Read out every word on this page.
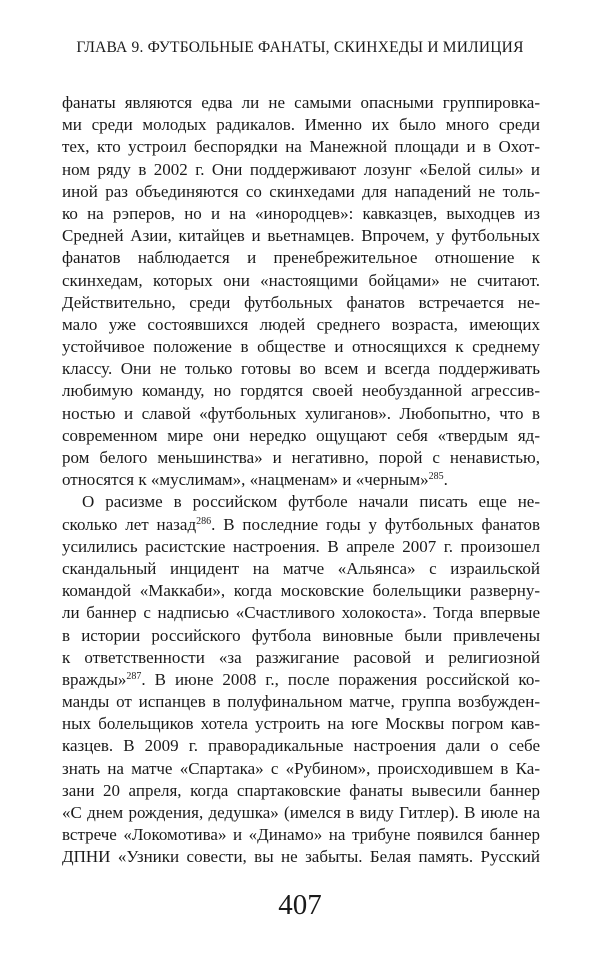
ГЛАВА 9. ФУТБОЛЬНЫЕ ФАНАТЫ, СКИНХЕДЫ И МИЛИЦИЯ
фанаты являются едва ли не самыми опасными группировка-
ми среди молодых радикалов. Именно их было много среди
тех, кто устроил беспорядки на Манежной площади и в Охот-
ном ряду в 2002 г. Они поддерживают лозунг «Белой силы» и
иной раз объединяются со скинхедами для нападений не толь-
ко на рэперов, но и на «инородцев»: кавказцев, выходцев из
Средней Азии, китайцев и вьетнамцев. Впрочем, у футбольных
фанатов наблюдается и пренебрежительное отношение к
скинхедам, которых они «настоящими бойцами» не считают.
Действительно, среди футбольных фанатов встречается не-
мало уже состоявшихся людей среднего возраста, имеющих
устойчивое положение в обществе и относящихся к среднему
классу. Они не только готовы во всем и всегда поддерживать
любимую команду, но гордятся своей необузданной агрессив-
ностью и славой «футбольных хулиганов». Любопытно, что в
современном мире они нередко ощущают себя «твердым яд-
ром белого меньшинства» и негативно, порой с ненавистью,
относятся к «муслимам», «нацменам» и «черным»$^{285}$.
О расизме в российском футболе начали писать еще не-
сколько лет назад$^{286}$. В последние годы у футбольных фанатов
усилились расистские настроения. В апреле 2007 г. произошел
скандальный инцидент на матче «Альянса» с израильской
командой «Маккаби», когда московские болельщики разверну-
ли баннер с надписью «Счастливого холокоста». Тогда впервые
в истории российского футбола виновные были привлечены
к ответственности «за разжигание расовой и религиозной
вражды»$^{287}$. В июне 2008 г., после поражения российской ко-
манды от испанцев в полуфинальном матче, группа возбужден-
ных болельщиков хотела устроить на юге Москвы погром кав-
казцев. В 2009 г. праворадикальные настроения дали о себе
знать на матче «Спартака» с «Рубином», происходившем в Ка-
зани 20 апреля, когда спартаковские фанаты вывесили баннер
«С днем рождения, дедушка» (имелся в виду Гитлер). В июле на
встрече «Локомотива» и «Динамо» на трибуне появился баннер
ДПНИ «Узники совести, вы не забыты. Белая память. Русский
407
